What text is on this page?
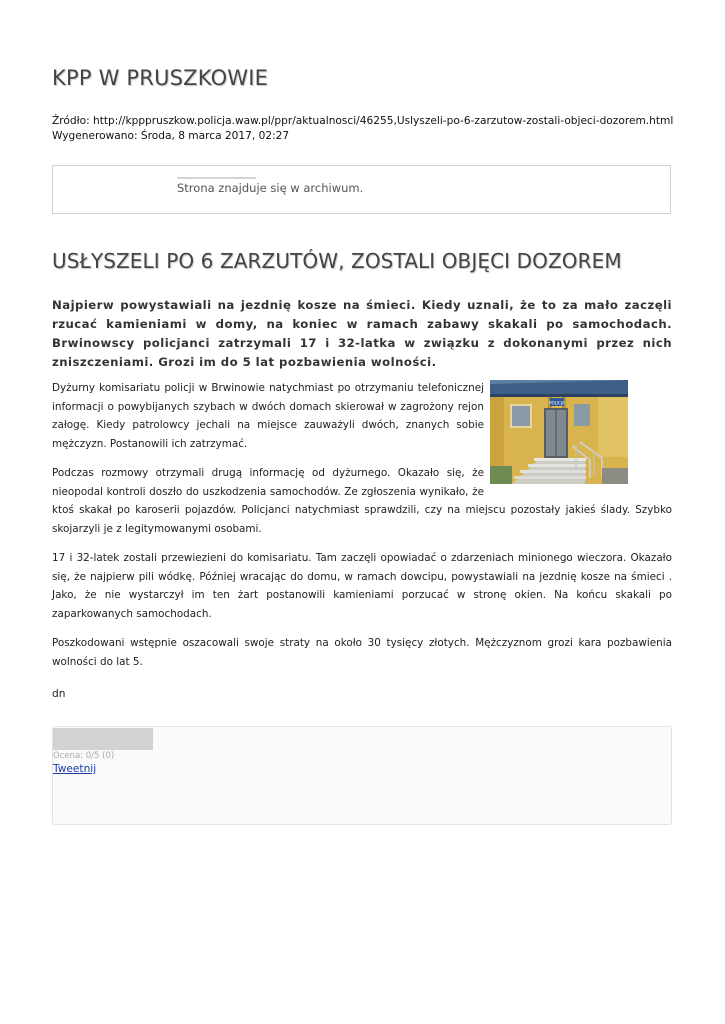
KPP W PRUSZKOWIE
Źródło: http://kpppruszkow.policja.waw.pl/ppr/aktualnosci/46255,Uslyszeli-po-6-zarzutow-zostali-objeci-dozorem.html
Wygenerowano: Środa, 8 marca 2017, 02:27
Strona znajduje się w archiwum.
USŁYSZELI PO 6 ZARZUTÓW, ZOSTALI OBJĘCI DOZOREM

Najpierw powystawiali na jezdnię kosze na śmieci. Kiedy uznali, że to za mało zaczęli rzucać kamieniami w domy, na koniec w ramach zabawy skakali po samochodach. Brwinowscy policjanci zatrzymali 17 i 32-latka w związku z dokonanymi przez nich zniszczeniami. Grozi im do 5 lat pozbawienia wolności.

POLICJA

Dyżurny komisariatu policji w Brwinowie natychmiast po otrzymaniu telefonicznej informacji o powybijanych szybach w dwóch domach skierował w zagrożony rejon załogę. Kiedy patrolowcy jechali na miejsce zauważyli dwóch, znanych sobie mężczyzn. Postanowili ich zatrzymać.

Podczas rozmowy otrzymali drugą informację od dyżurnego. Okazało się, że nieopodal kontroli doszło do uszkodzenia samochodów. Ze zgłoszenia wynikało, że ktoś skakał po karoserii pojazdów. Policjanci natychmiast sprawdzili, czy na miejscu pozostały jakieś ślady. Szybko skojarzyli je z legitymowanymi osobami.

17 i 32-latek zostali przewiezieni do komisariatu. Tam zaczęli opowiadać o zdarzeniach minionego wieczora. Okazało się, że najpierw pili wódkę. Później wracając do domu, w ramach dowcipu, powystawiali na jezdnię kosze na śmieci . Jako, że nie wystarczył im ten żart postanowili kamieniami porzucać w stronę okien. Na końcu skakali po zaparkowanych samochodach.

Poszkodowani wstępnie oszacowali swoje straty na około 30 tysięcy złotych. Mężczyznom grozi kara pozbawienia wolności do lat 5.

dn
Ocena: 0/5 (0)
Tweetnij
